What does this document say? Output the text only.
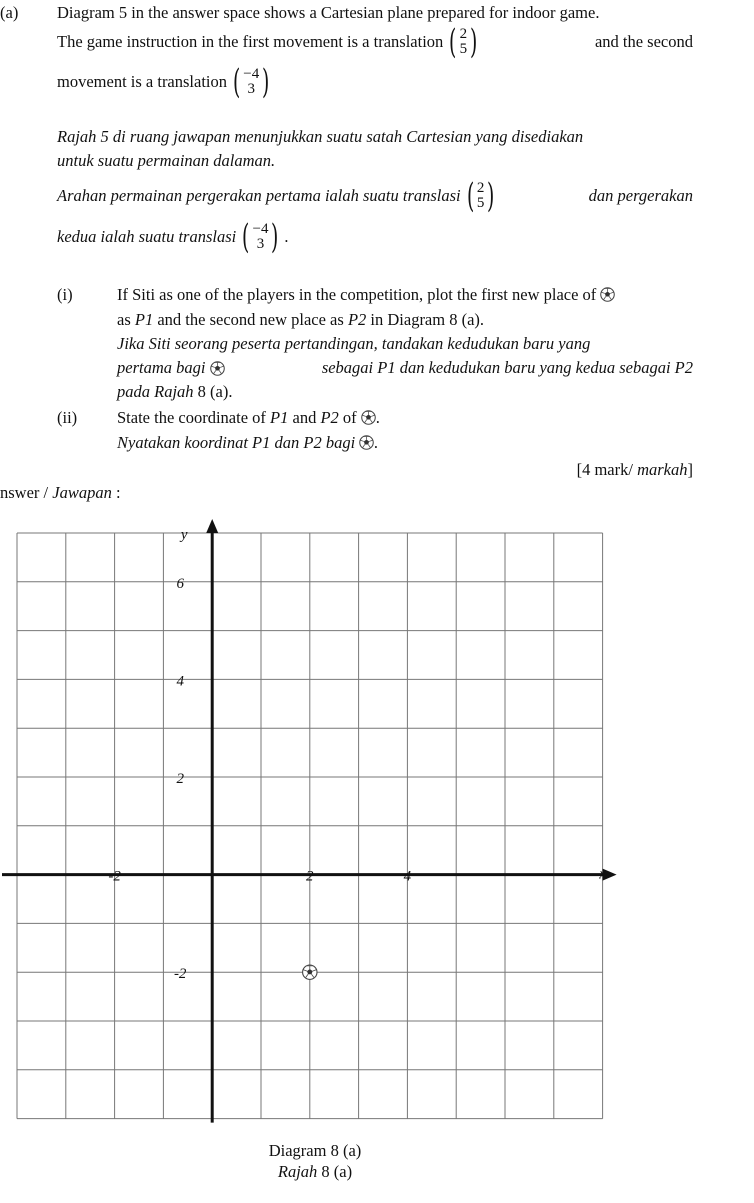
(a) Diagram 5 in the answer space shows a Cartesian plane prepared for indoor game.
The game instruction in the first movement is a translation ( 2
5 )	and the second
movement is a translation ( −4
3 )
Rajah 5 di ruang jawapan menunjukkan suatu satah Cartesian yang disediakan
untuk suatu permainan dalaman.
Arahan permainan pergerakan pertama ialah suatu translasi ( 2
5 )	dan pergerakan
kedua ialah suatu translasi ( −4
3 ) .
(i)	If Siti as one of the players in the competition, plot the first new place of
as P1 and the second new place as P2 in Diagram 8 (a).
Jika Siti seorang peserta pertandingan, tandakan kedudukan baru yang
pertama bagi	sebagai P1 dan kedudukan baru yang kedua sebagai P2
pada Rajah 8 (a).
(ii) State the coordinate of P1 and P2 of .
Nyatakan koordinat P1 dan P2 bagi .
[4 mark/ markah]
nswer / Jawapan :
-2	2	4
6
4
2
-2
x
y
Diagram 8 (a)
Rajah 8 (a)
